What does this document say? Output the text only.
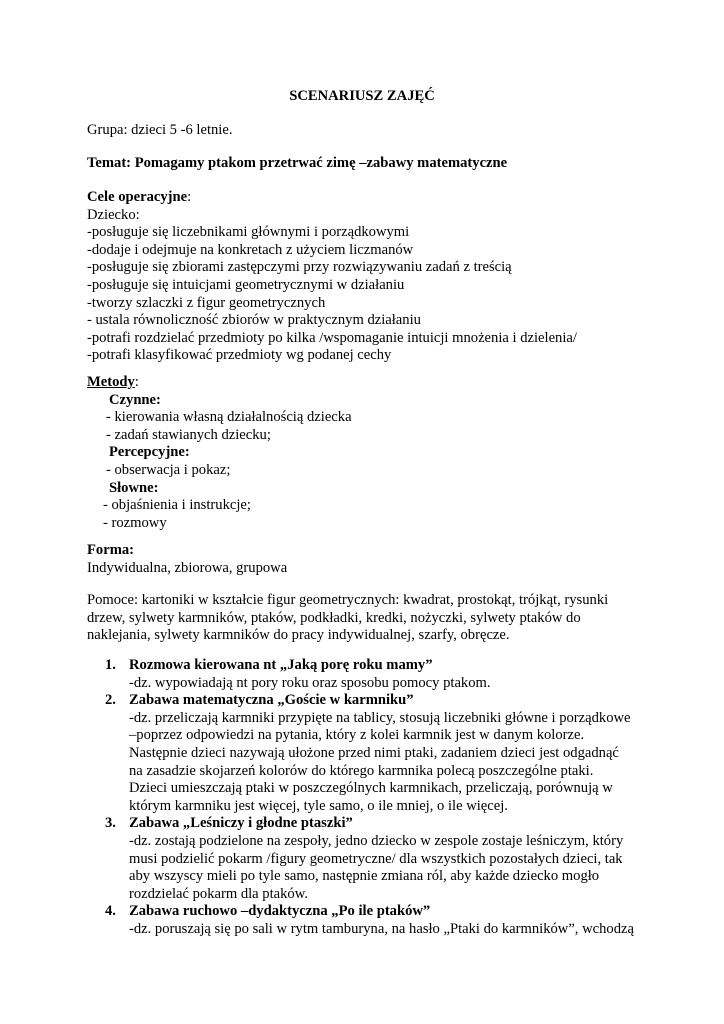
SCENARIUSZ ZAJĘĆ
Grupa: dzieci 5 -6 letnie.
Temat: Pomagamy ptakom przetrwać zimę –zabawy matematyczne
Cele operacyjne:
Dziecko:
-posługuje się liczebnikami głównymi i porządkowymi
-dodaje i odejmuje na konkretach z użyciem liczmanów
-posługuje się zbiorami zastępczymi przy rozwiązywaniu zadań z treścią
-posługuje się intuicjami geometrycznymi w działaniu
-tworzy szlaczki z figur geometrycznych
- ustala równoliczność zbiorów w praktycznym działaniu
-potrafi rozdzielać przedmioty po kilka /wspomaganie intuicji mnożenia i dzielenia/
-potrafi klasyfikować przedmioty wg podanej cechy
Metody:
Czynne:
- kierowania własną działalnością dziecka
- zadań stawianych dziecku;
Percepcyjne:
- obserwacja i pokaz;
Słowne:
- objaśnienia i instrukcje;
- rozmowy
Forma:
Indywidualna, zbiorowa, grupowa
Pomoce: kartoniki w kształcie figur geometrycznych: kwadrat, prostokąt, trójkąt, rysunki
drzew, sylwety karmników, ptaków, podkładki, kredki, nożyczki, sylwety ptaków do
naklejania, sylwety karmników do pracy indywidualnej, szarfy, obręcze.
1. Rozmowa kierowana nt „Jaką porę roku mamy”
-dz. wypowiadają nt pory roku oraz sposobu pomocy ptakom.
2. Zabawa matematyczna „Goście w karmniku”
-dz. przeliczają karmniki przypięte na tablicy, stosują liczebniki główne i porządkowe
–poprzez odpowiedzi na pytania, który z kolei karmnik jest w danym kolorze.
Następnie dzieci nazywają ułożone przed nimi ptaki, zadaniem dzieci jest odgadnąć
na zasadzie skojarzeń kolorów do którego karmnika polecą poszczególne ptaki.
Dzieci umieszczają ptaki w poszczególnych karmnikach, przeliczają, porównują w
którym karmniku jest więcej, tyle samo, o ile mniej, o ile więcej.
3. Zabawa „Leśniczy i głodne ptaszki”
-dz. zostają podzielone na zespoły, jedno dziecko w zespole zostaje leśniczym, który
musi podzielić pokarm /figury geometryczne/ dla wszystkich pozostałych dzieci, tak
aby wszyscy mieli po tyle samo, następnie zmiana ról, aby każde dziecko mogło
rozdzielać pokarm dla ptaków.
4. Zabawa ruchowo –dydaktyczna „Po ile ptaków”
-dz. poruszają się po sali w rytm tamburyna, na hasło „Ptaki do karmników”, wchodzą
